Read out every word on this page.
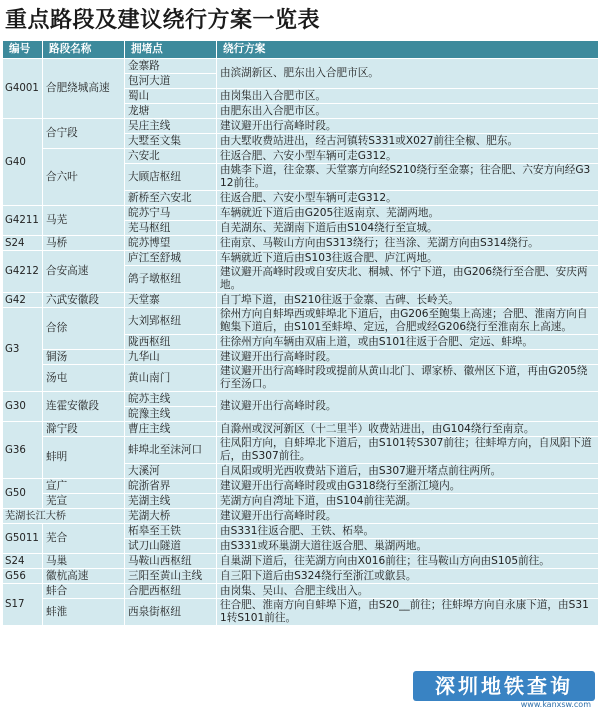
重点路段及建议绕行方案一览表
编号	路段名称	拥堵点	绕行方案
G4001	合肥绕城高速	金寨路	由滨湖新区、肥东出入合肥市区。
		包河大道	
		蜀山	由岗集出入合肥市区。
		龙塘	由肥东出入合肥市区。
G40	合宁段	吴庄主线	建议避开出行高峰时段。
		大墅至文集	由大墅收费站进出，经古河镇转S331或X027前往全椒、肥东。
	合六叶	六安北	往返合肥、六安小型车辆可走G312。
		大顾店枢纽	由姚李下道，往金寨、天堂寨方向经S210绕行至金寨；往合肥、六安方向经G312前往。
		新桥至六安北	往返合肥、六安小型车辆可走G312。
G4211	马芜	皖苏宁马	车辆就近下道后由G205往返南京、芜湖两地。
		芜马枢纽	自芜湖东、芜湖南下道后由S104绕行至宣城。
S24	马桥	皖苏博望	往南京、马鞍山方向由S313绕行；往当涂、芜湖方向由S314绕行。
G4212	合安高速	庐江至舒城	车辆就近下道后由S103往返合肥、庐江两地。
		鸽子墩枢纽	建议避开高峰时段或自安庆北、桐城、怀宁下道，由G206绕行至合肥、安庆两地。
G42	六武安徽段	天堂寨	自丁埠下道，由S210往返于金寨、古碑、长岭关。
G3	合徐	大刘郢枢纽	徐州方向自蚌埠西或蚌埠北下道后，由G206至鲍集上高速；合肥、淮南方向自鲍集下道后，由S101至蚌埠、定远，合肥或经G206绕行至淮南东上高速。
		陇西枢纽	往徐州方向车辆由双庙上道，或由S101往返于合肥、定远、蚌埠。
	铜汤	九华山	建议避开出行高峰时段。
	汤屯	黄山南门	建议避开出行高峰时段或提前从黄山北门、谭家桥、徽州区下道，再由G205绕行至汤口。
G30	连霍安徽段	皖苏主线	建议避开出行高峰时段。
		皖豫主线	
G36	滁宁段	曹庄主线	自滁州或汊河新区（十二里半）收费站进出，由G104绕行至南京。
	蚌明	蚌埠北至沫河口	往凤阳方向，自蚌埠北下道后，由S101转S307前往；往蚌埠方向，自凤阳下道后，由S307前往。
		大溪河	自凤阳或明光西收费站下道后，由S307避开堵点前往两所。
G50	宣广	皖浙省界	建议避开出行高峰时段或由G318绕行至浙江境内。
	芜宣	芜湖主线	芜湖方向自湾址下道，由S104前往芜湖。
芜湖长江大桥		芜湖大桥	建议避开出行高峰时段。
G5011	芜合	柘皋至王铁	由S331往返合肥、王铁、柘皋。
		试刀山隧道	由S331或环巢湖大道往返合肥、巢湖两地。
S24	马巢	马鞍山西枢纽	自巢湖下道后，往芜湖方向由X016前往；往马鞍山方向由S105前往。
G56	徽杭高速	三阳至黄山主线	自三阳下道后由S324绕行至浙江或歙县。
S17	蚌合	合肥西枢纽	由岗集、吴山、合肥主线出入。
	蚌淮	西泉街枢纽	往合肥、淮南方向自蚌埠下道，由S20__前往；往蚌埠方向自永康下道，由S311转S101前往。
深圳地铁查询
www.kanxsw.com
